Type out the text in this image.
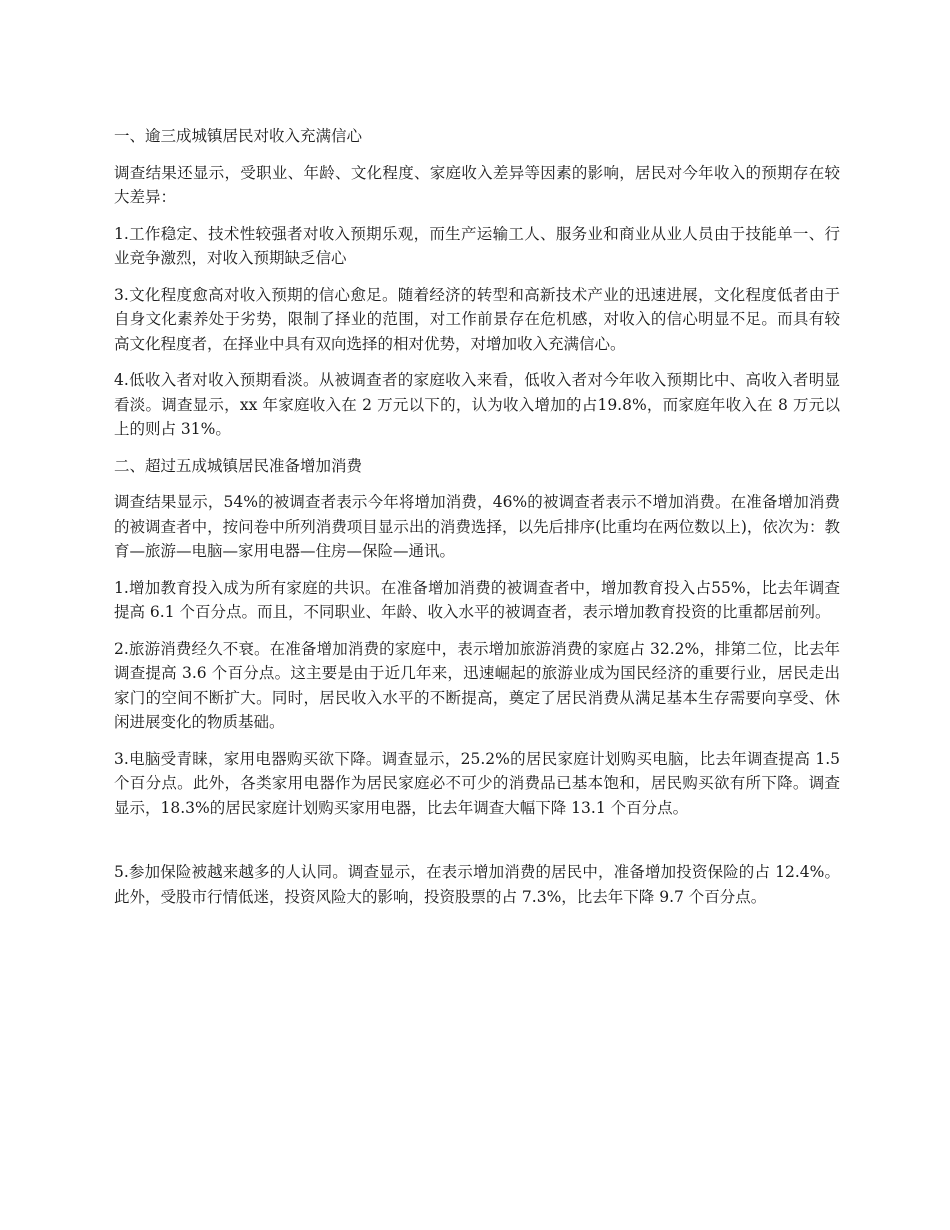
一、逾三成城镇居民对收入充满信心

调查结果还显示，受职业、年龄、文化程度、家庭收入差异等因素的影响，居民对今年收入的预期存在较大差异：

1.工作稳定、技术性较强者对收入预期乐观，而生产运输工人、服务业和商业从业人员由于技能单一、行业竞争激烈，对收入预期缺乏信心

3.文化程度愈高对收入预期的信心愈足。随着经济的转型和高新技术产业的迅速进展，文化程度低者由于自身文化素养处于劣势，限制了择业的范围，对工作前景存在危机感，对收入的信心明显不足。而具有较高文化程度者，在择业中具有双向选择的相对优势，对增加收入充满信心。

4.低收入者对收入预期看淡。从被调查者的家庭收入来看，低收入者对今年收入预期比中、高收入者明显看淡。调查显示，xx 年家庭收入在 2 万元以下的，认为收入增加的占19.8%，而家庭年收入在 8 万元以上的则占 31%。

二、超过五成城镇居民准备增加消费

调查结果显示，54%的被调查者表示今年将增加消费，46%的被调查者表示不增加消费。在准备增加消费的被调查者中，按问卷中所列消费项目显示出的消费选择，以先后排序(比重均在两位数以上)，依次为：教育—旅游—电脑—家用电器—住房—保险—通讯。

1.增加教育投入成为所有家庭的共识。在准备增加消费的被调查者中，增加教育投入占55%，比去年调查提高 6.1 个百分点。而且，不同职业、年龄、收入水平的被调查者，表示增加教育投资的比重都居前列。

2.旅游消费经久不衰。在准备增加消费的家庭中，表示增加旅游消费的家庭占 32.2%，排第二位，比去年调查提高 3.6 个百分点。这主要是由于近几年来，迅速崛起的旅游业成为国民经济的重要行业，居民走出家门的空间不断扩大。同时，居民收入水平的不断提高，奠定了居民消费从满足基本生存需要向享受、休闲进展变化的物质基础。

3.电脑受青睐，家用电器购买欲下降。调查显示，25.2%的居民家庭计划购买电脑，比去年调查提高 1.5 个百分点。此外，各类家用电器作为居民家庭必不可少的消费品已基本饱和，居民购买欲有所下降。调查显示，18.3%的居民家庭计划购买家用电器，比去年调查大幅下降 13.1 个百分点。

5.参加保险被越来越多的人认同。调查显示，在表示增加消费的居民中，准备增加投资保险的占 12.4%。此外，受股市行情低迷，投资风险大的影响，投资股票的占 7.3%，比去年下降 9.7 个百分点。
